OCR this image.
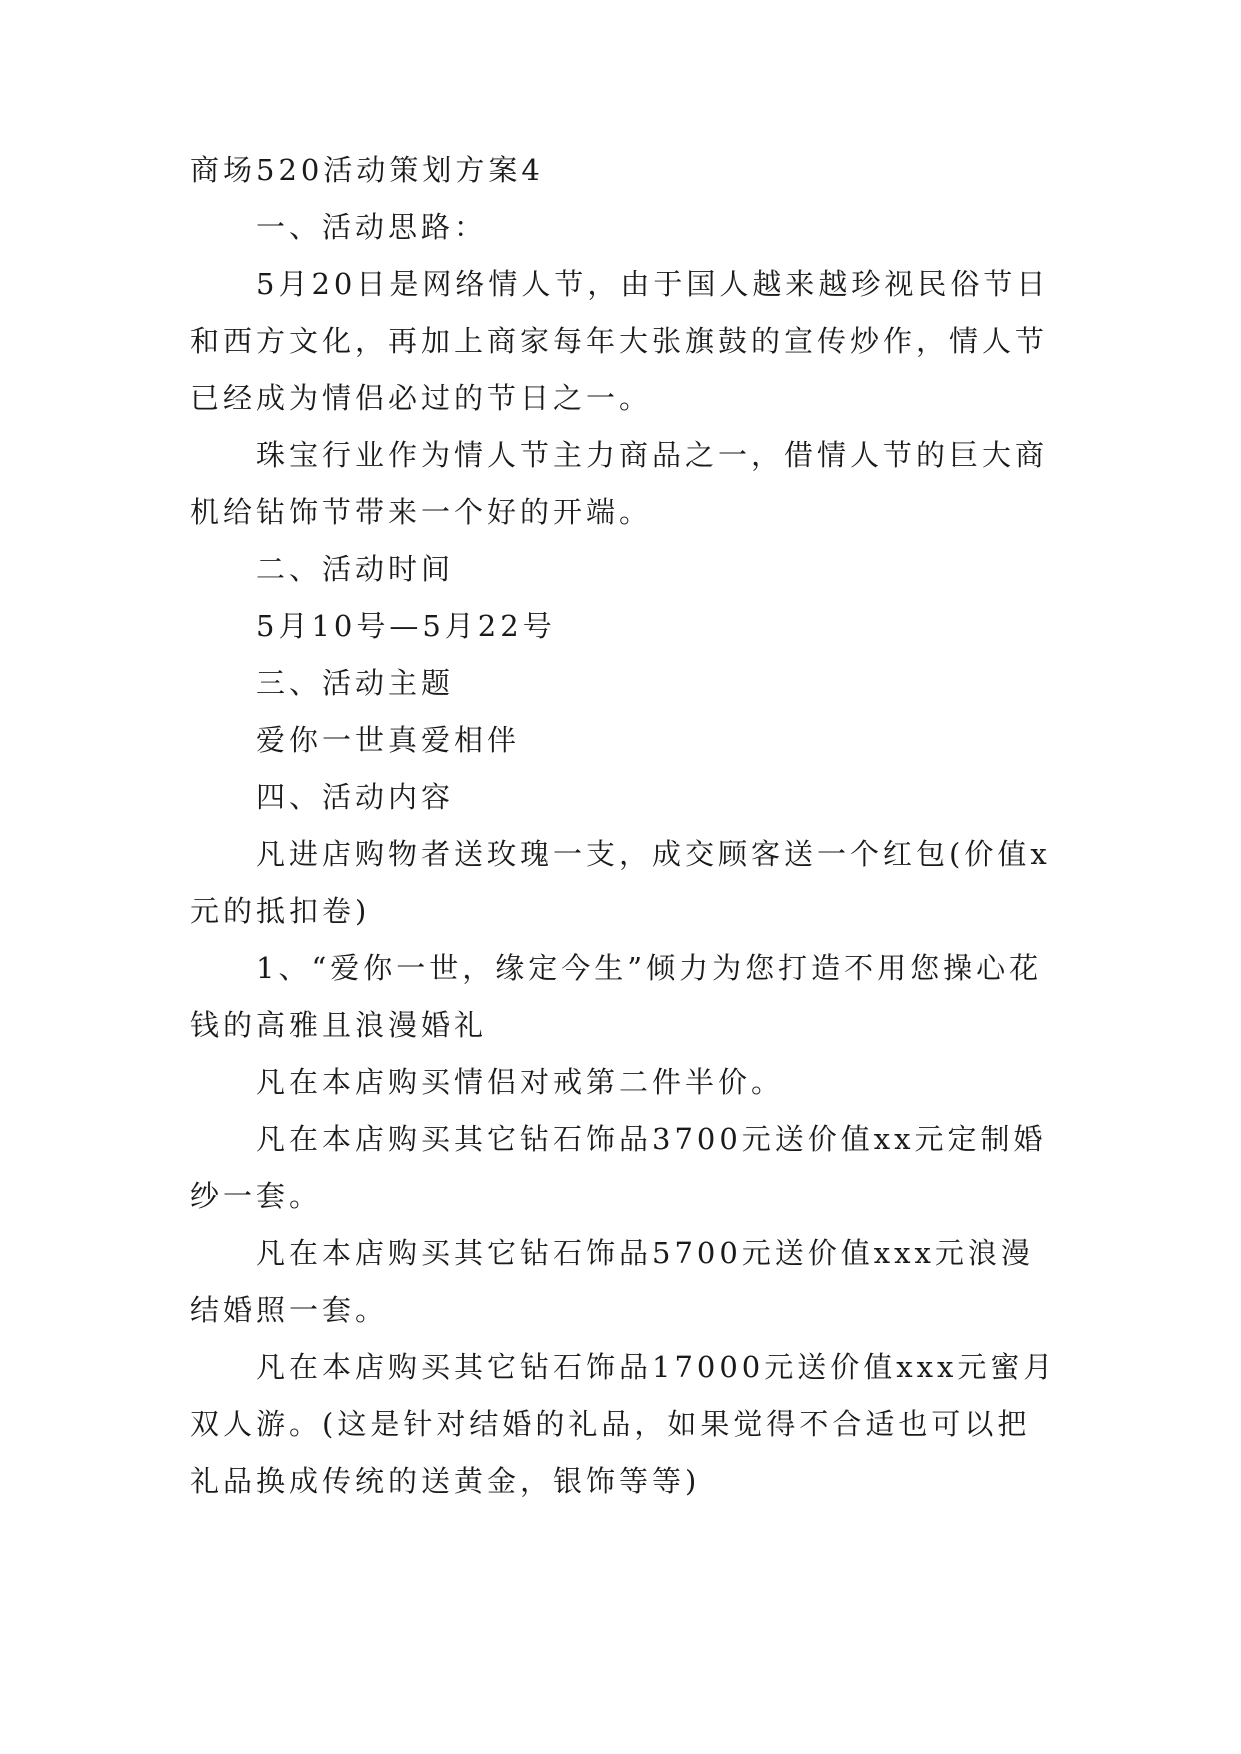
商场520活动策划方案4
一、活动思路：
5月20日是网络情人节，由于国人越来越珍视民俗节日
和西方文化，再加上商家每年大张旗鼓的宣传炒作，情人节
已经成为情侣必过的节日之一。
珠宝行业作为情人节主力商品之一，借情人节的巨大商
机给钻饰节带来一个好的开端。
二、活动时间
5月10号—5月22号
三、活动主题
爱你一世真爱相伴
四、活动内容
凡进店购物者送玫瑰一支，成交顾客送一个红包(价值x
元的抵扣卷)
1、“爱你一世，缘定今生”倾力为您打造不用您操心花
钱的高雅且浪漫婚礼
凡在本店购买情侣对戒第二件半价。
凡在本店购买其它钻石饰品3700元送价值xx元定制婚
纱一套。
凡在本店购买其它钻石饰品5700元送价值xxx元浪漫
结婚照一套。
凡在本店购买其它钻石饰品17000元送价值xxx元蜜月
双人游。(这是针对结婚的礼品，如果觉得不合适也可以把
礼品换成传统的送黄金，银饰等等)
